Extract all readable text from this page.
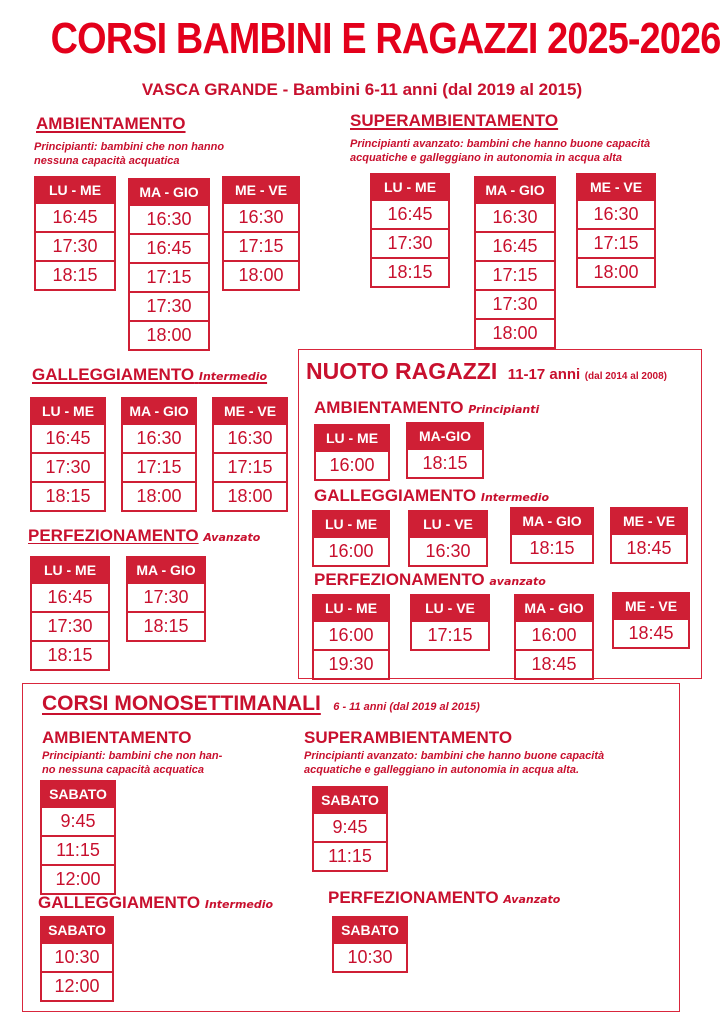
CORSI BAMBINI E RAGAZZI 2025-2026
VASCA GRANDE - Bambini 6-11 anni (dal 2019 al 2015)
AMBIENTAMENTO
Principianti: bambini che non hanno
nessuna capacità acquatica
SUPERAMBIENTAMENTO
Principianti avanzato: bambini che hanno buone capacità
acquatiche e galleggiano in autonomia in acqua alta
GALLEGGIAMENTO Intermedio
PERFEZIONAMENTO Avanzato
NUOTO RAGAZZI 11-17 anni (dal 2014 al 2008)
AMBIENTAMENTO Principianti
GALLEGGIAMENTO Intermedio
PERFEZIONAMENTO avanzato
CORSI MONOSETTIMANALI 6 - 11 anni (dal 2019 al 2015)
AMBIENTAMENTO
Principianti: bambini che non han-
no nessuna capacità acquatica
SUPERAMBIENTAMENTO
Principianti avanzato: bambini che hanno buone capacità
acquatiche e galleggiano in autonomia in acqua alta.
GALLEGGIAMENTO Intermedio	PERFEZIONAMENTO Avanzato
LU - ME
16:45
17:30
18:15
MA - GIO
16:30
16:45
17:15
17:30
18:00
ME - VE
16:30
17:15
18:00
LU - ME
16:45
17:30
18:15
MA - GIO
16:30
16:45
17:15
17:30
18:00
ME - VE
16:30
17:15
18:00
LU - ME
16:45
17:30
18:15
MA - GIO
16:30
17:15
18:00
ME - VE
16:30
17:15
18:00
LU - ME
16:45
17:30
18:15
MA - GIO
17:30
18:15
LU - ME
16:00
MA-GIO
18:15
LU - ME
16:00
LU - VE
16:30
MA - GIO
18:15
ME - VE
18:45
LU - ME
16:00
19:30
LU - VE
17:15
MA - GIO
16:00
18:45
ME - VE
18:45
SABATO
9:45
11:15
12:00
SABATO
9:45
11:15
SABATO
10:30
12:00
SABATO
10:30
